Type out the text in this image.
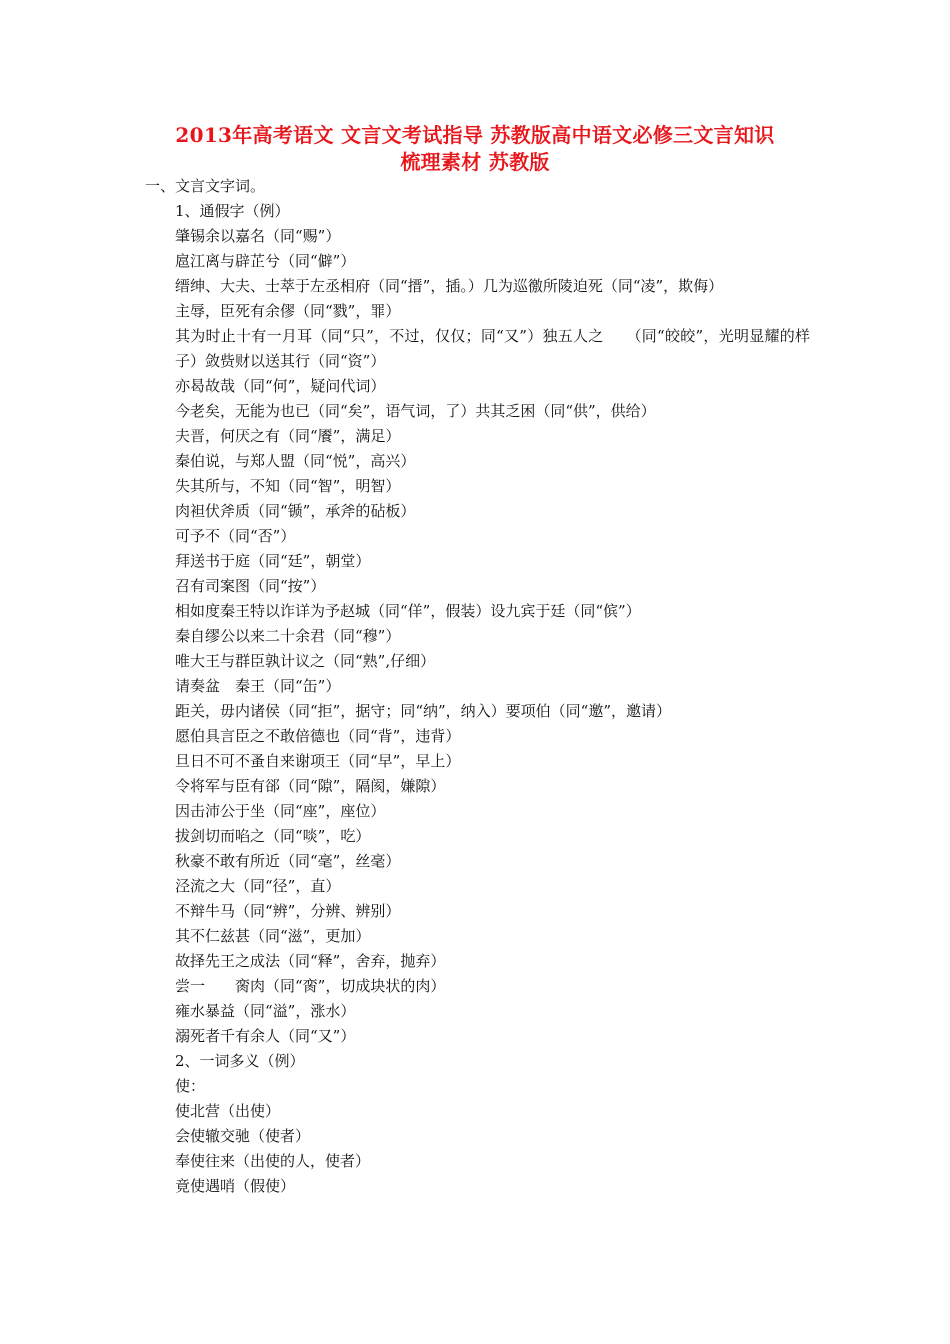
2013年高考语文 文言文考试指导 苏教版高中语文必修三文言知识
梳理素材 苏教版

一、文言文字词。

1、通假字（例）

肇锡余以嘉名（同“赐”）

扈江离与辟芷兮（同“僻”）

缙绅、大夫、士萃于左丞相府（同“搢”，插。）几为巡徼所陵迫死（同“凌”，欺侮）

主辱，臣死有余僇（同“戮”，罪）

其为时止十有一月耳（同“只”，不过，仅仅；同“又”）独五人之　　（同“皎皎”，光明显耀的样子）敛赀财以送其行（同“资”）

亦曷故哉（同“何”，疑问代词）

今老矣，无能为也已（同“矣”，语气词，了）共其乏困（同“供”，供给）

夫晋，何厌之有（同“餍”，满足）

秦伯说，与郑人盟（同“悦”，高兴）

失其所与，不知（同“智”，明智）

肉袒伏斧质（同“锧”，承斧的砧板）

可予不（同“否”）

拜送书于庭（同“廷”，朝堂）

召有司案图（同“按”）

相如度秦王特以诈详为予赵城（同“佯”，假装）设九宾于廷（同“傧”）

秦自缪公以来二十余君（同“穆”）

唯大王与群臣孰计议之（同“熟”,仔细）

请奏盆　秦王（同“缶”）

距关，毋内诸侯（同“拒”，据守；同“纳”，纳入）要项伯（同“邀”，邀请）

愿伯具言臣之不敢倍德也（同“背”，违背）

旦日不可不蚤自来谢项王（同“早”，早上）

令将军与臣有郤（同“隙”，隔阂，嫌隙）

因击沛公于坐（同“座”，座位）

拔剑切而啗之（同“啖”，吃）

秋豪不敢有所近（同“毫”，丝毫）

泾流之大（同“径”，直）

不辩牛马（同“辨”，分辨、辨别）

其不仁兹甚（同“滋”，更加）

故择先王之成法（同“释”，舍弃，抛弃）

尝一　　脔肉（同“脔”，切成块状的肉）

雍水暴益（同“溢”，涨水）

溺死者千有余人（同“又”）

2、一词多义（例）

使：

使北营（出使）

会使辙交驰（使者）

奉使往来（出使的人，使者）

竟使遇哨（假使）
